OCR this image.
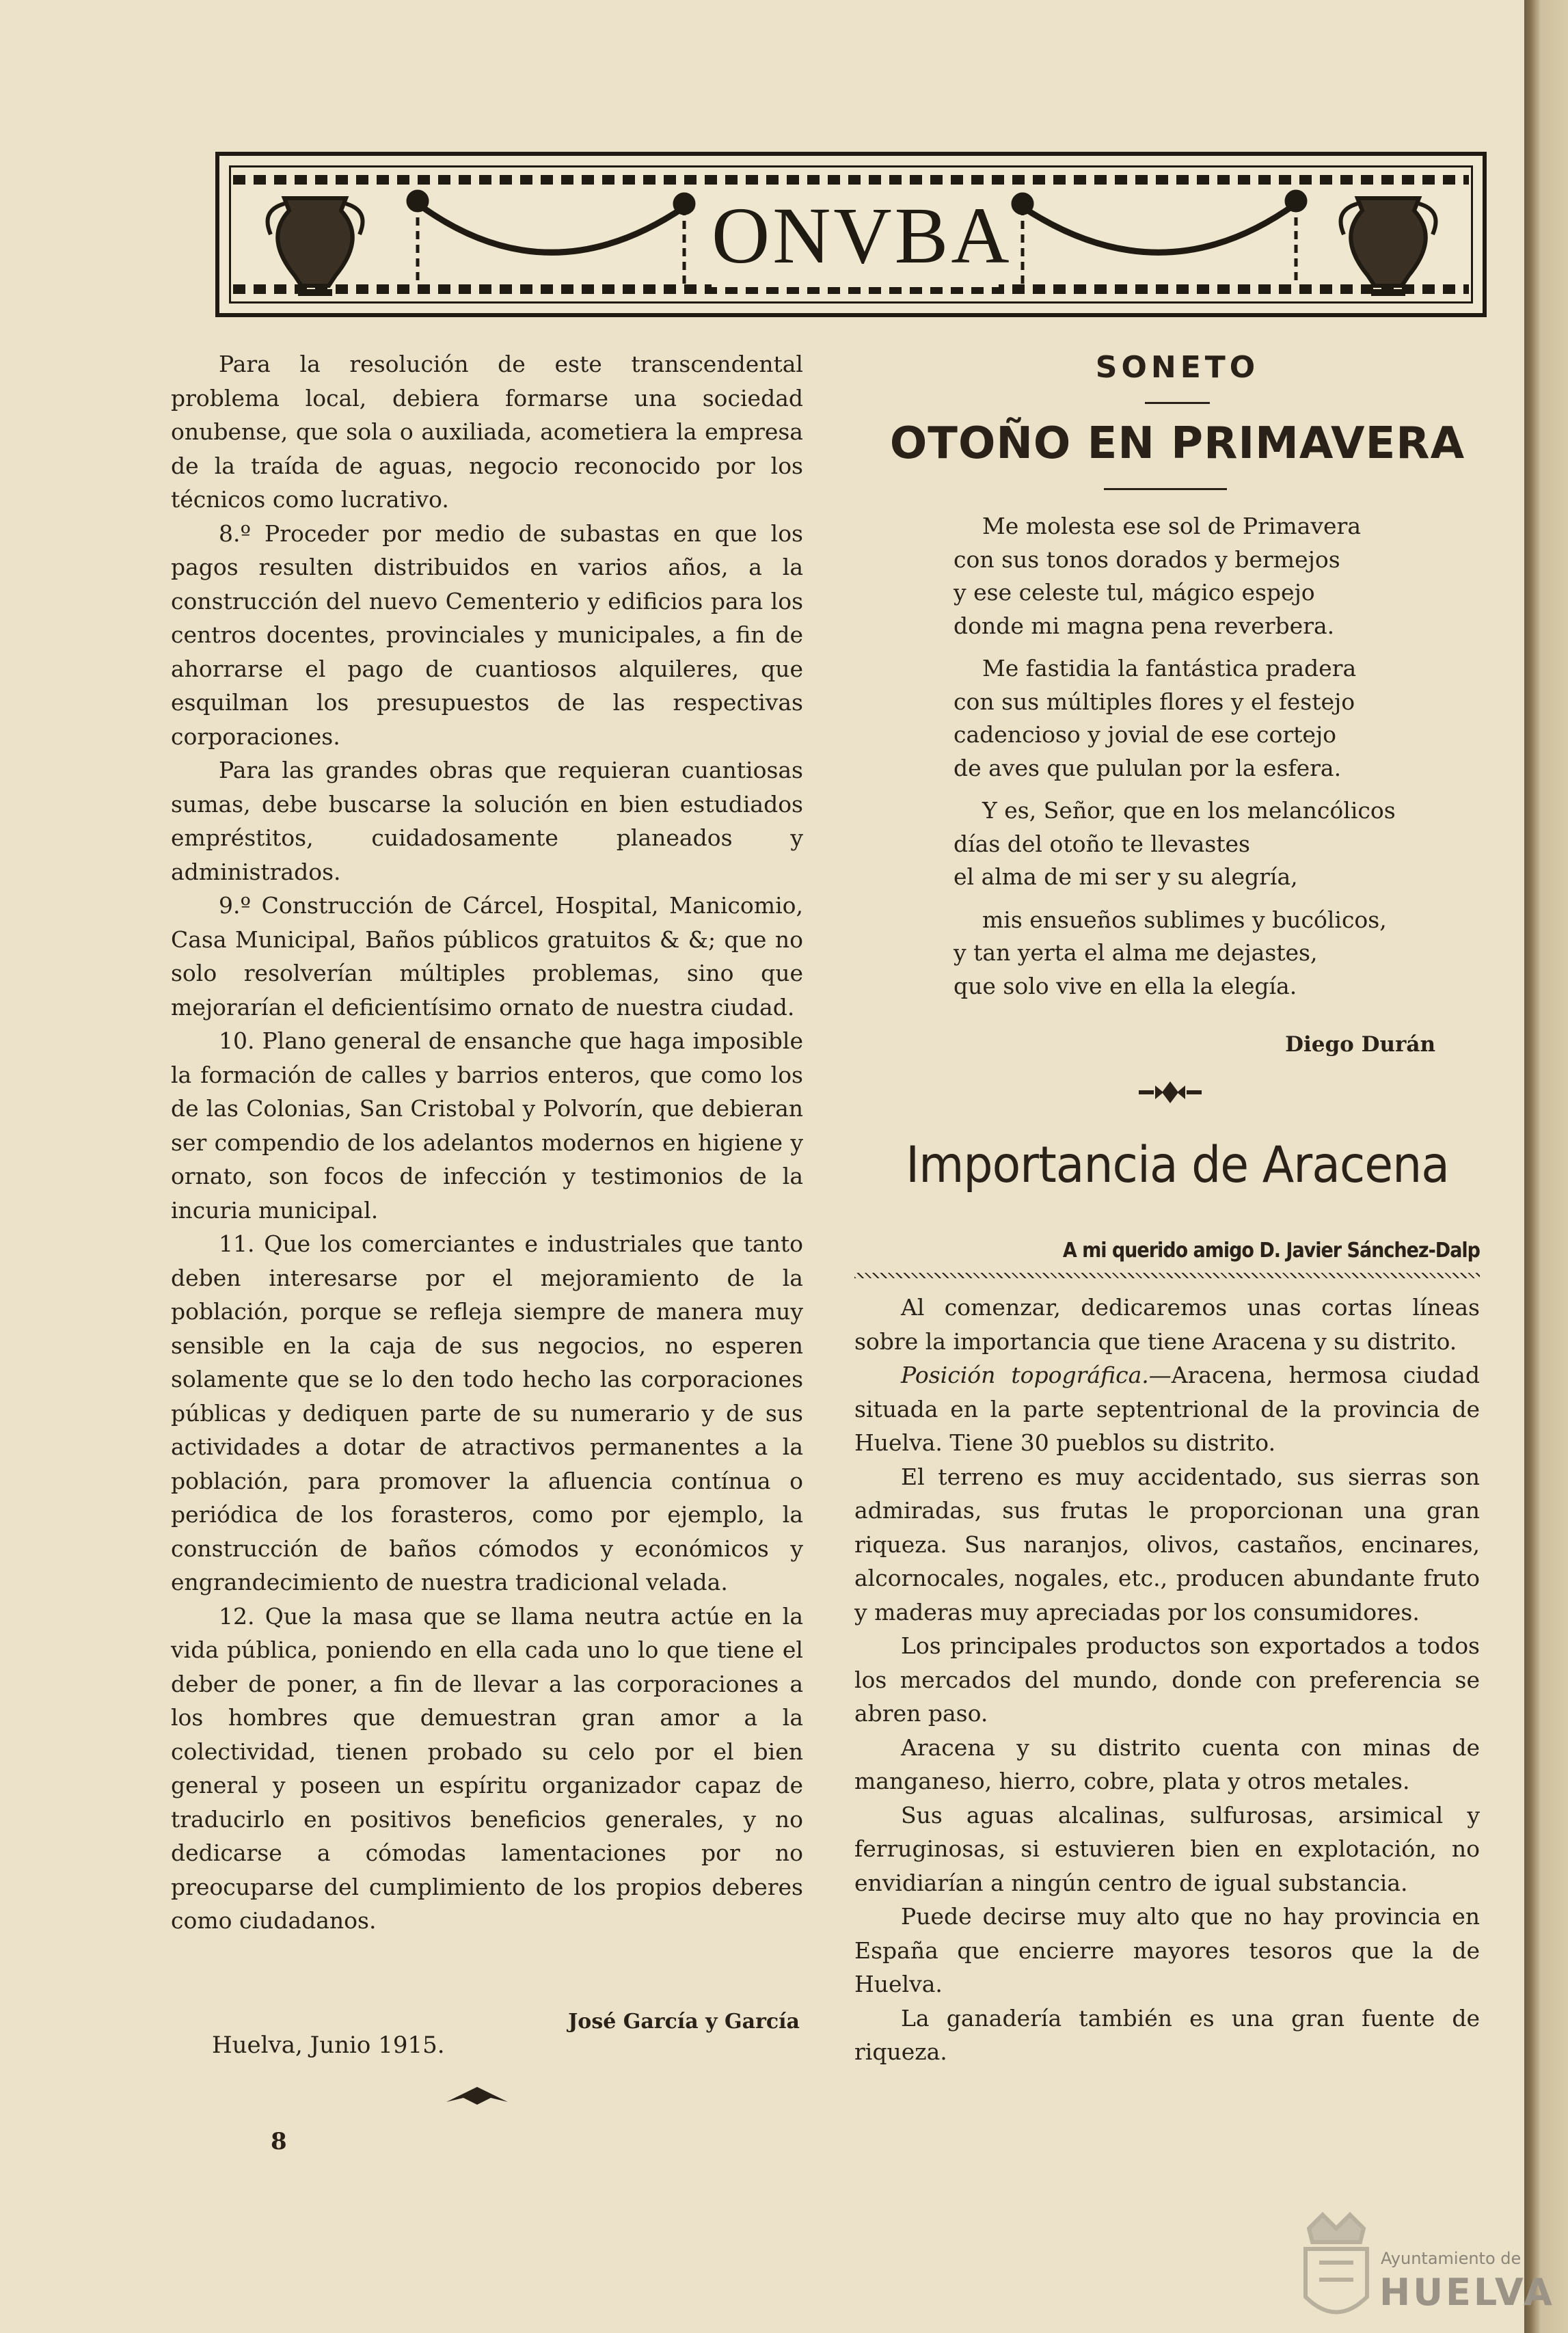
ONVBA

Para la resolución de este transcendental problema local, debiera formarse una sociedad onubense, que sola o auxiliada, acometiera la empresa de la traída de aguas, negocio reconocido por los técnicos como lucrativo.

8.º Proceder por medio de subastas en que los pagos resulten distribuidos en varios años, a la construcción del nuevo Cementerio y edificios para los centros docentes, provinciales y municipales, a fin de ahorrarse el pago de cuantiosos alquileres, que esquilman los presupuestos de las respectivas corporaciones.

Para las grandes obras que requieran cuantiosas sumas, debe buscarse la solución en bien estudiados empréstitos, cuidadosamente planeados y administrados.

9.º Construcción de Cárcel, Hospital, Manicomio, Casa Municipal, Baños públicos gratuitos & &; que no solo resolverían múltiples problemas, sino que mejorarían el deficientísimo ornato de nuestra ciudad.

10. Plano general de ensanche que haga imposible la formación de calles y barrios enteros, que como los de las Colonias, San Cristobal y Polvorín, que debieran ser compendio de los adelantos modernos en higiene y ornato, son focos de infección y testimonios de la incuria municipal.

11. Que los comerciantes e industriales que tanto deben interesarse por el mejoramiento de la población, porque se refleja siempre de manera muy sensible en la caja de sus negocios, no esperen solamente que se lo den todo hecho las corporaciones públicas y dediquen parte de su numerario y de sus actividades a dotar de atractivos permanentes a la población, para promover la afluencia contínua o periódica de los forasteros, como por ejemplo, la construcción de baños cómodos y económicos y engrandecimiento de nuestra tradicional velada.

12. Que la masa que se llama neutra actúe en la vida pública, poniendo en ella cada uno lo que tiene el deber de poner, a fin de llevar a las corporaciones a los hombres que demuestran gran amor a la colectividad, tienen probado su celo por el bien general y poseen un espíritu organizador capaz de traducirlo en positivos beneficios generales, y no dedicarse a cómodas lamentaciones por no preocuparse del cumplimiento de los propios deberes como ciudadanos.

José García y García
Huelva, Junio 1915.
8
SONETO
OTOÑO EN PRIMAVERA
Me molesta ese sol de Primavera
con sus tonos dorados y bermejos
y ese celeste tul, mágico espejo
donde mi magna pena reverbera.
Me fastidia la fantástica pradera
con sus múltiples flores y el festejo
cadencioso y jovial de ese cortejo
de aves que pululan por la esfera.
Y es, Señor, que en los melancólicos
días del otoño te llevastes
el alma de mi ser y su alegría,
mis ensueños sublimes y bucólicos,
y tan yerta el alma me dejastes,
que solo vive en ella la elegía.
Diego Durán
Importancia de Aracena
A mi querido amigo D. Javier Sánchez-Dalp

Al comenzar, dedicaremos unas cortas líneas sobre la importancia que tiene Aracena y su distrito.

Posición topográfica.—Aracena, hermosa ciudad situada en la parte septentrional de la provincia de Huelva. Tiene 30 pueblos su distrito.

El terreno es muy accidentado, sus sierras son admiradas, sus frutas le proporcionan una gran riqueza. Sus naranjos, olivos, castaños, encinares, alcornocales, nogales, etc., producen abundante fruto y maderas muy apreciadas por los consumidores.

Los principales productos son exportados a todos los mercados del mundo, donde con preferencia se abren paso.

Aracena y su distrito cuenta con minas de manganeso, hierro, cobre, plata y otros metales.

Sus aguas alcalinas, sulfurosas, arsimical y ferruginosas, si estuvieren bien en explotación, no envidiarían a ningún centro de igual substancia.

Puede decirse muy alto que no hay provincia en España que encierre mayores tesoros que la de Huelva.

La ganadería también es una gran fuente de riqueza.

Ayuntamiento de
HUELVA
